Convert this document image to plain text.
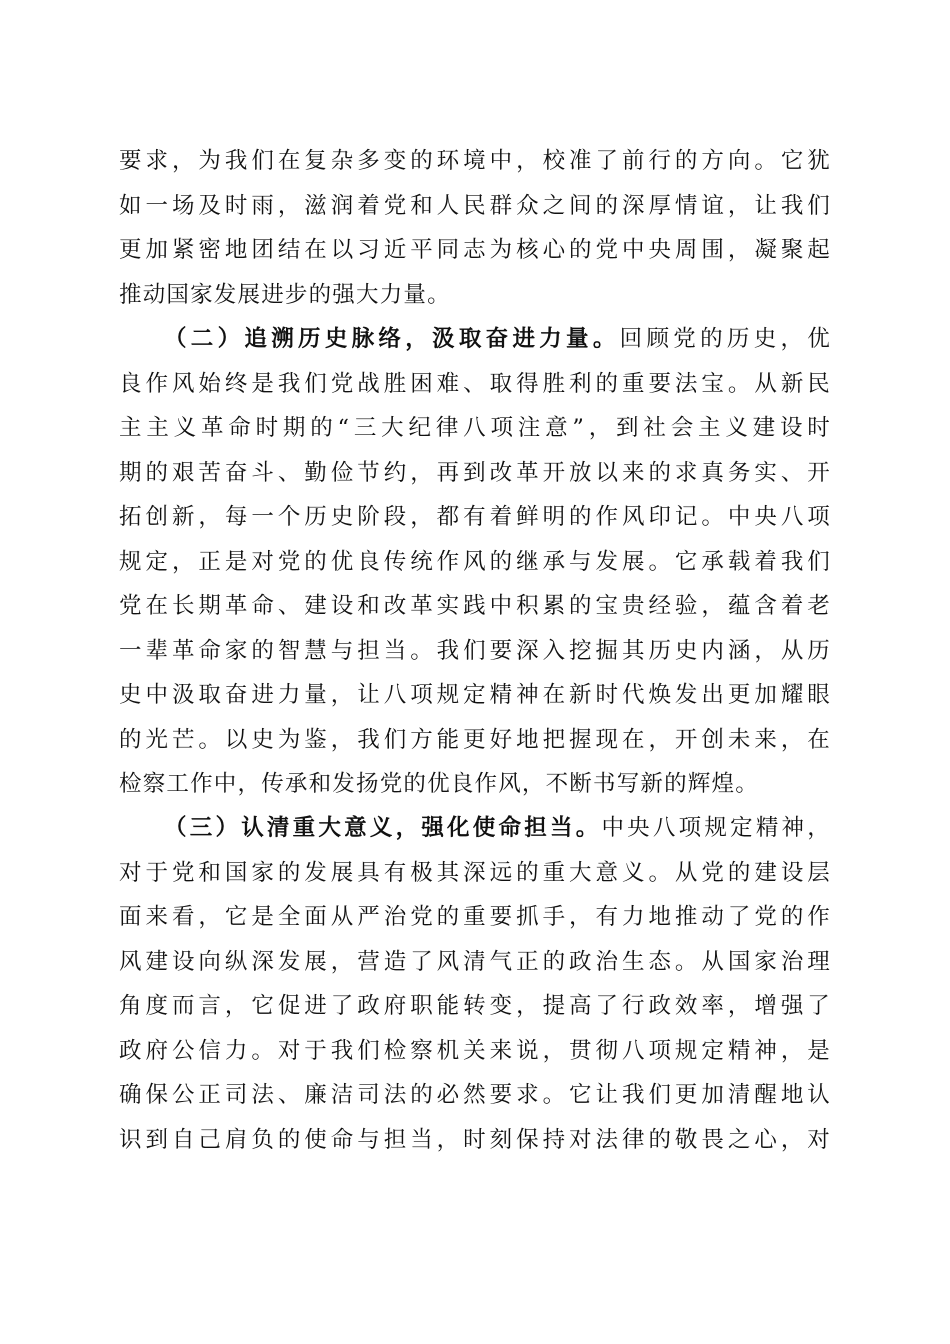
要求，为我们在复杂多变的环境中，校准了前行的方向。它犹
如一场及时雨，滋润着党和人民群众之间的深厚情谊，让我们
更加紧密地团结在以习近平同志为核心的党中央周围，凝聚起
推动国家发展进步的强大力量。
（二）追溯历史脉络，汲取奋进力量。回顾党的历史，优
良作风始终是我们党战胜困难、取得胜利的重要法宝。从新民
主主义革命时期的“三大纪律八项注意”，到社会主义建设时
期的艰苦奋斗、勤俭节约，再到改革开放以来的求真务实、开
拓创新，每一个历史阶段，都有着鲜明的作风印记。中央八项
规定，正是对党的优良传统作风的继承与发展。它承载着我们
党在长期革命、建设和改革实践中积累的宝贵经验，蕴含着老
一辈革命家的智慧与担当。我们要深入挖掘其历史内涵，从历
史中汲取奋进力量，让八项规定精神在新时代焕发出更加耀眼
的光芒。以史为鉴，我们方能更好地把握现在，开创未来，在
检察工作中，传承和发扬党的优良作风，不断书写新的辉煌。
（三）认清重大意义，强化使命担当。中央八项规定精神，
对于党和国家的发展具有极其深远的重大意义。从党的建设层
面来看，它是全面从严治党的重要抓手，有力地推动了党的作
风建设向纵深发展，营造了风清气正的政治生态。从国家治理
角度而言，它促进了政府职能转变，提高了行政效率，增强了
政府公信力。对于我们检察机关来说，贯彻八项规定精神，是
确保公正司法、廉洁司法的必然要求。它让我们更加清醒地认
识到自己肩负的使命与担当，时刻保持对法律的敬畏之心，对
